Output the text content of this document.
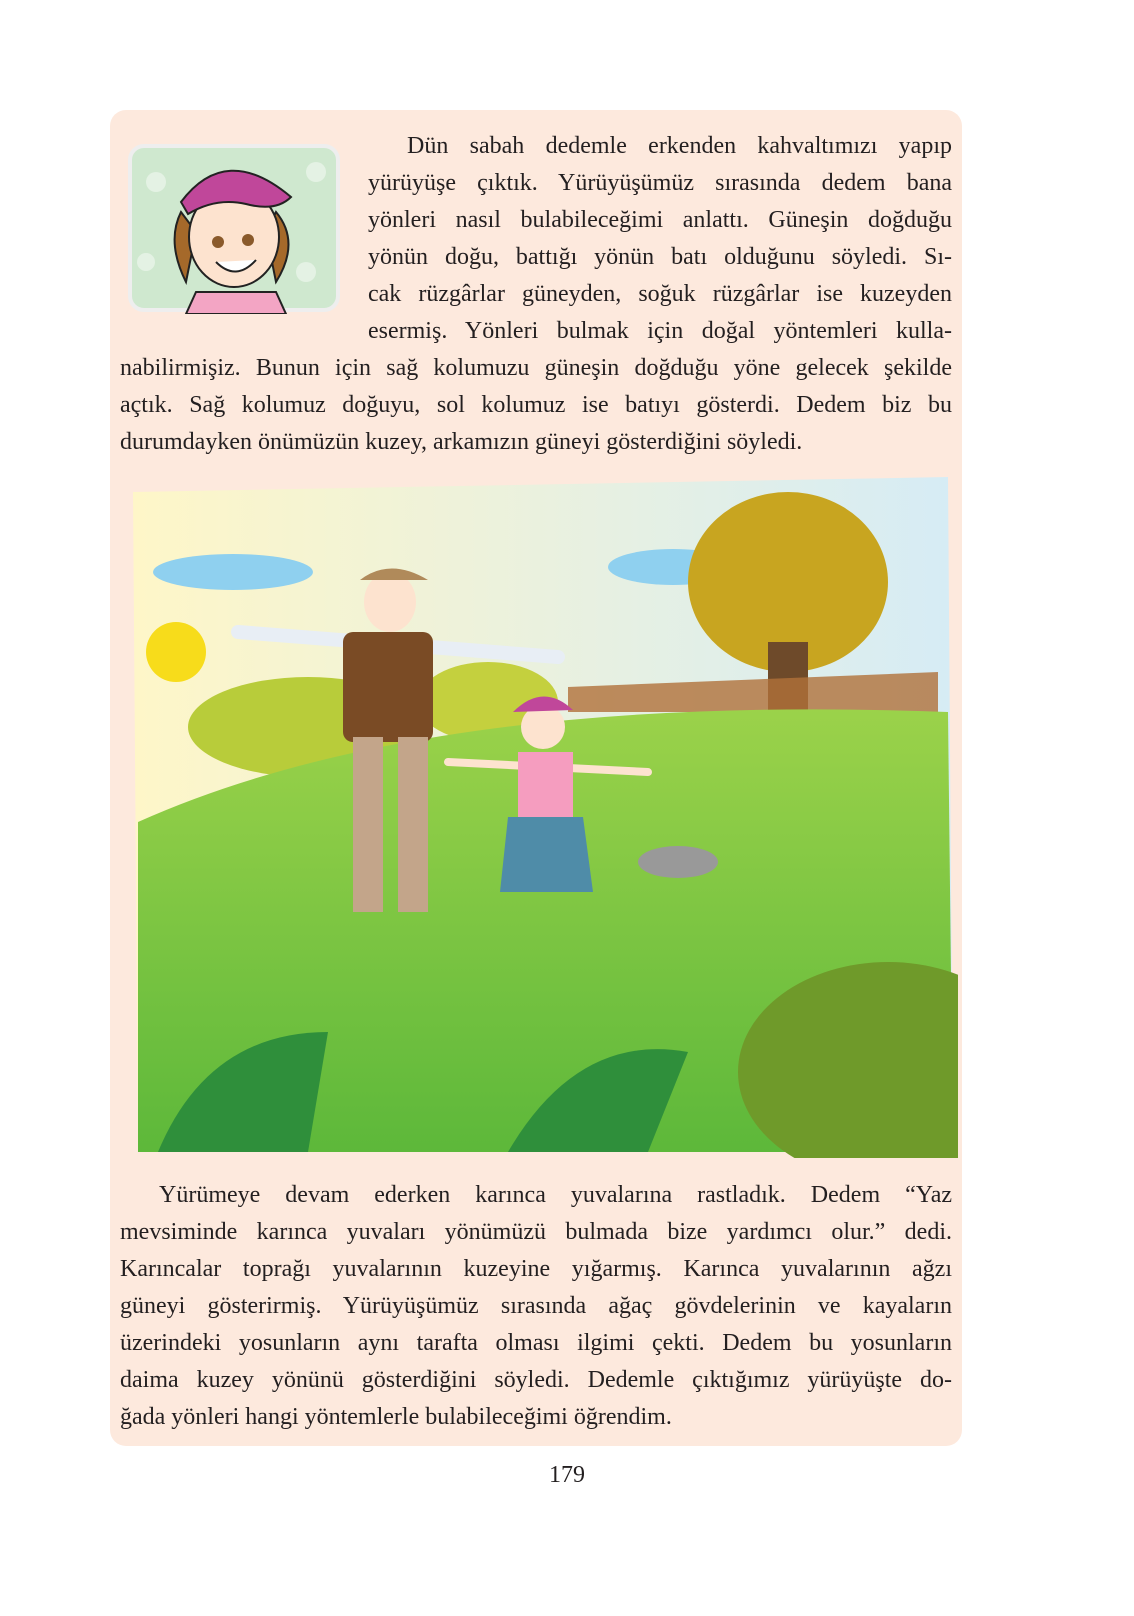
Dün sabah dedemle erkenden kahvaltımızı yapıp
yürüyüşe çıktık. Yürüyüşümüz sırasında dedem bana
yönleri nasıl bulabileceğimi anlattı. Güneşin doğduğu
yönün doğu, battığı yönün batı olduğunu söyledi. Sı-
cak rüzgârlar güneyden, soğuk rüzgârlar ise kuzeyden
esermiş. Yönleri bulmak için doğal yöntemleri kulla-
nabilirmişiz. Bunun için sağ kolumuzu güneşin doğduğu yöne gelecek şekilde
açtık. Sağ kolumuz doğuyu, sol kolumuz ise batıyı gösterdi. Dedem biz bu
durumdayken önümüzün kuzey, arkamızın güneyi gösterdiğini söyledi.
Yürümeye devam ederken karınca yuvalarına rastladık. Dedem “Yaz
mevsiminde karınca yuvaları yönümüzü bulmada bize yardımcı olur.” dedi.
Karıncalar toprağı yuvalarının kuzeyine yığarmış. Karınca yuvalarının ağzı
güneyi gösterirmiş. Yürüyüşümüz sırasında ağaç gövdelerinin ve kayaların
üzerindeki yosunların aynı tarafta olması ilgimi çekti. Dedem bu yosunların
daima kuzey yönünü gösterdiğini söyledi. Dedemle çıktığımız yürüyüşte do-
ğada yönleri hangi yöntemlerle bulabileceğimi öğrendim.
179
